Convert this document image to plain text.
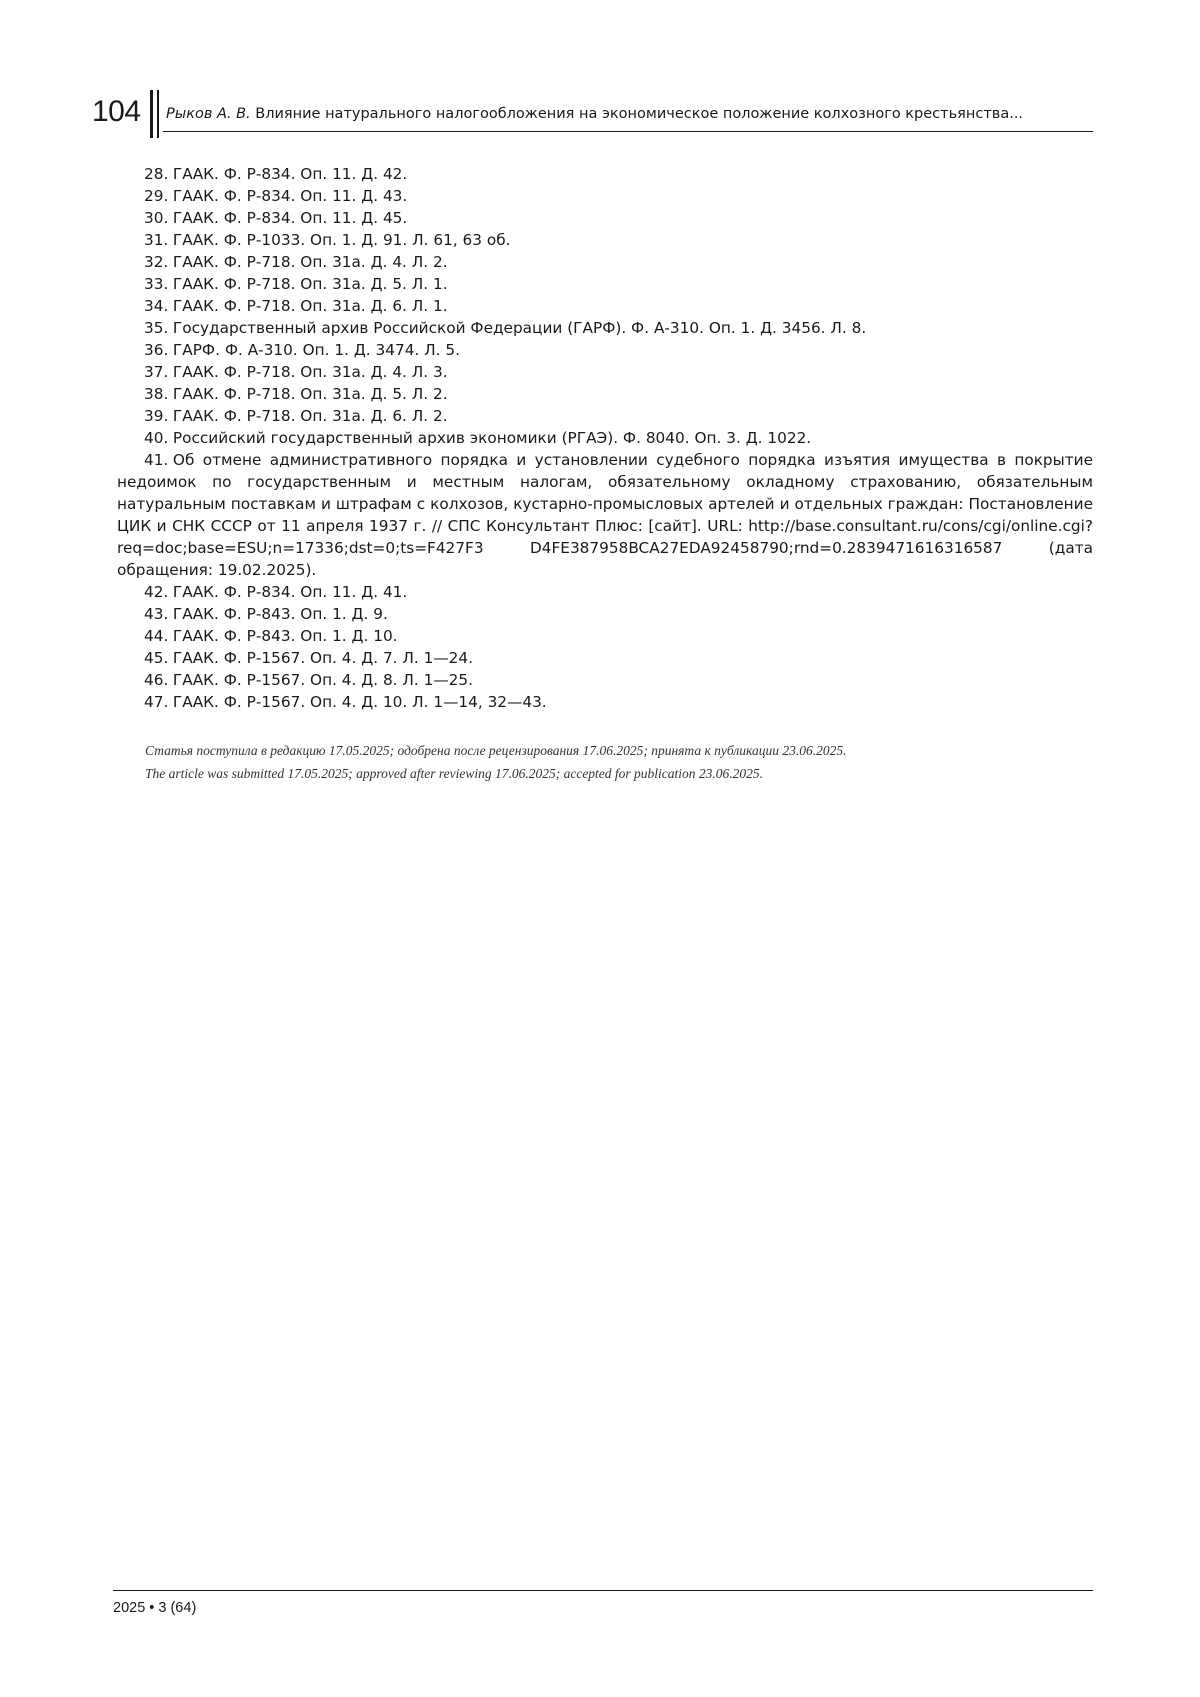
104 Рыков А. В. Влияние натурального налогообложения на экономическое положение колхозного крестьянства...
28. ГААК. Ф. Р-834. Оп. 11. Д. 42.
29. ГААК. Ф. Р-834. Оп. 11. Д. 43.
30. ГААК. Ф. Р-834. Оп. 11. Д. 45.
31. ГААК. Ф. Р-1033. Оп. 1. Д. 91. Л. 61, 63 об.
32. ГААК. Ф. Р-718. Оп. 31а. Д. 4. Л. 2.
33. ГААК. Ф. Р-718. Оп. 31а. Д. 5. Л. 1.
34. ГААК. Ф. Р-718. Оп. 31а. Д. 6. Л. 1.
35. Государственный архив Российской Федерации (ГАРФ). Ф. А-310. Оп. 1. Д. 3456. Л. 8.
36. ГАРФ. Ф. А-310. Оп. 1. Д. 3474. Л. 5.
37. ГААК. Ф. Р-718. Оп. 31а. Д. 4. Л. 3.
38. ГААК. Ф. Р-718. Оп. 31а. Д. 5. Л. 2.
39. ГААК. Ф. Р-718. Оп. 31а. Д. 6. Л. 2.
40. Российский государственный архив экономики (РГАЭ). Ф. 8040. Оп. 3. Д. 1022.
41. Об отмене административного порядка и установлении судебного порядка изъятия имущества в покрытие недоимок по государственным и местным налогам, обязательному окладному страхованию, обязательным натуральным поставкам и штрафам с колхозов, кустарно-промысловых артелей и отдельных граждан: Постановление ЦИК и СНК СССР от 11 апреля 1937 г. // СПС Консультант Плюс: [сайт]. URL: http://base.consultant.ru/cons/cgi/online.cgi?req=doc;base=ESU;n=17336;dst=0;ts=F427F3 D4FE387958BCA27EDA92458790;rnd=0.2839471616316587 (дата обращения: 19.02.2025).
42. ГААК. Ф. Р-834. Оп. 11. Д. 41.
43. ГААК. Ф. Р-843. Оп. 1. Д. 9.
44. ГААК. Ф. Р-843. Оп. 1. Д. 10.
45. ГААК. Ф. Р-1567. Оп. 4. Д. 7. Л. 1—24.
46. ГААК. Ф. Р-1567. Оп. 4. Д. 8. Л. 1—25.
47. ГААК. Ф. Р-1567. Оп. 4. Д. 10. Л. 1—14, 32—43.
Статья поступила в редакцию 17.05.2025; одобрена после рецензирования 17.06.2025; принята к публикации 23.06.2025.
The article was submitted 17.05.2025; approved after reviewing 17.06.2025; accepted for publication 23.06.2025.
2025 • 3 (64)
